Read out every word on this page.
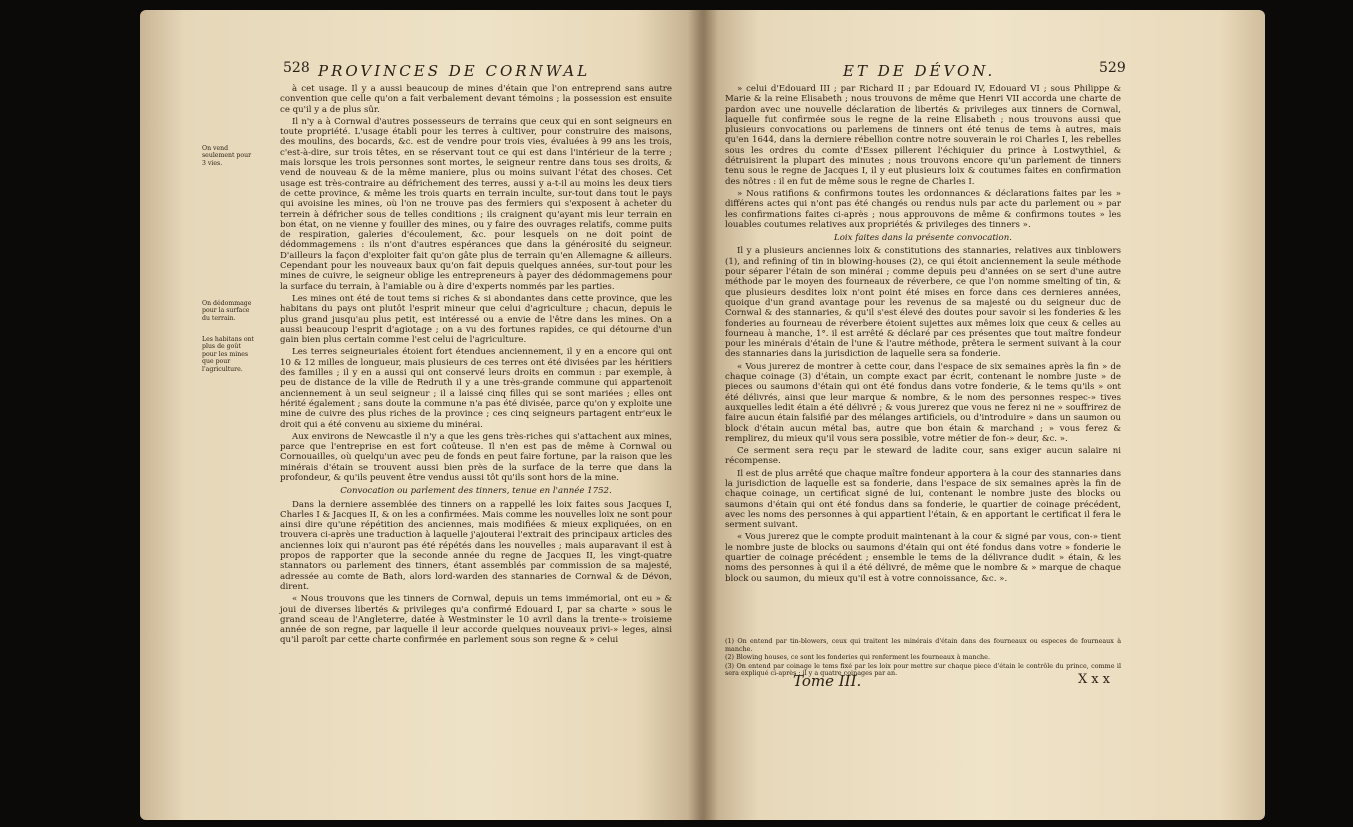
528 PROVINCES DE CORNWAL
On vend seulement pour 3 vies.
On dédommage pour la surface du terrain.
Les habitans ont plus de goût pour les mines que pour l'agriculture.

à cet usage. Il y a aussi beaucoup de mines d'étain que l'on entreprend sans autre convention que celle qu'on a fait verbalement devant témoins ; la possession est ensuite ce qu'il y a de plus sûr.

Il n'y a à Cornwal d'autres possesseurs de terrains que ceux qui en sont seigneurs en toute propriété. L'usage établi pour les terres à cultiver, pour construire des maisons, des moulins, des bocards, &c. est de vendre pour trois vies, évaluées à 99 ans les trois, c'est-à-dire, sur trois têtes, en se réservant tout ce qui est dans l'intérieur de la terre ; mais lorsque les trois personnes sont mortes, le seigneur rentre dans tous ses droits, & vend de nouveau & de la même maniere, plus ou moins suivant l'état des choses. Cet usage est très-contraire au défrichement des terres, aussi y a-t-il au moins les deux tiers de cette province, & même les trois quarts en terrain inculte, sur-tout dans tout le pays qui avoisine les mines, où l'on ne trouve pas des fermiers qui s'exposent à acheter du terrein à défricher sous de telles conditions ; ils craignent qu'ayant mis leur terrain en bon état, on ne vienne y fouiller des mines, ou y faire des ouvrages relatifs, comme puits de respiration, galeries d'écoulement, &c. pour lesquels on ne doit point de dédommagemens : ils n'ont d'autres espérances que dans la générosité du seigneur. D'ailleurs la façon d'exploiter fait qu'on gâte plus de terrain qu'en Allemagne & ailleurs. Cependant pour les nouveaux baux qu'on fait depuis quelques années, sur-tout pour les mines de cuivre, le seigneur oblige les entrepreneurs à payer des dédommagemens pour la surface du terrain, à l'amiable ou à dire d'experts nommés par les parties.

Les mines ont été de tout tems si riches & si abondantes dans cette province, que les habitans du pays ont plutôt l'esprit mineur que celui d'agriculture ; chacun, depuis le plus grand jusqu'au plus petit, est intéressé ou a envie de l'être dans les mines. On a aussi beaucoup l'esprit d'agiotage ; on a vu des fortunes rapides, ce qui détourne d'un gain bien plus certain comme l'est celui de l'agriculture.

Les terres seigneuriales étoient fort étendues anciennement, il y en a encore qui ont 10 & 12 milles de longueur, mais plusieurs de ces terres ont été divisées par les héritiers des familles ; il y en a aussi qui ont conservé leurs droits en commun : par exemple, à peu de distance de la ville de Redruth il y a une très-grande commune qui appartenoit anciennement à un seul seigneur ; il a laissé cinq filles qui se sont mariées ; elles ont hérité également ; sans doute la commune n'a pas été divisée, parce qu'on y exploite une mine de cuivre des plus riches de la province ; ces cinq seigneurs partagent entr'eux le droit qui a été convenu au sixieme du minérai.

Aux environs de Newcastle il n'y a que les gens très-riches qui s'attachent aux mines, parce que l'entreprise en est fort coûteuse. Il n'en est pas de même à Cornwal ou Cornouailles, où quelqu'un avec peu de fonds en peut faire fortune, par la raison que les minérais d'étain se trouvent aussi bien près de la surface de la terre que dans la profondeur, & qu'ils peuvent être vendus aussi tôt qu'ils sont hors de la mine.

Convocation ou parlement des tinners, tenue en l'année 1752.

Dans la derniere assemblée des tinners on a rappellé les loix faites sous Jacques I, Charles I & Jacques II, & on les a confirmées. Mais comme les nouvelles loix ne sont pour ainsi dire qu'une répétition des anciennes, mais modifiées & mieux expliquées, on en trouvera ci-après une traduction à laquelle j'ajouterai l'extrait des principaux articles des anciennes loix qui n'auront pas été répétés dans les nouvelles ; mais auparavant il est à propos de rapporter que la seconde année du regne de Jacques II, les vingt-quatre stannators ou parlement des tinners, étant assemblés par commission de sa majesté, adressée au comte de Bath, alors lord-warden des stannaries de Cornwal & de Dévon, dirent.

« Nous trouvons que les tinners de Cornwal, depuis un tems immémorial, ont eu » & joui de diverses libertés & privileges qu'a confirmé Edouard I, par sa charte » sous le grand sceau de l'Angleterre, datée à Westminster le 10 avril dans la trente-» troisieme année de son regne, par laquelle il leur accorde quelques nouveaux privi-» leges, ainsi qu'il paroît par cette charte confirmée en parlement sous son regne & » celui

ET DE DÉVON.	529

» celui d'Edouard III ; par Richard II ; par Edouard IV, Edouard VI ; sous Philippe & Marie & la reine Elisabeth ; nous trouvons de même que Henri VII accorda une charte de pardon avec une nouvelle déclaration de libertés & privileges aux tinners de Cornwal, laquelle fut confirmée sous le regne de la reine Elisabeth ; nous trouvons aussi que plusieurs convocations ou parlemens de tinners ont été tenus de tems à autres, mais qu'en 1644, dans la derniere rébellion contre notre souverain le roi Charles I, les rebelles sous les ordres du comte d'Essex pillerent l'échiquier du prince à Lostwythiel, & détruisirent la plupart des minutes ; nous trouvons encore qu'un parlement de tinners tenu sous le regne de Jacques I, il y eut plusieurs loix & coutumes faites en confirmation des nôtres : il en fut de même sous le regne de Charles I.

» Nous ratifions & confirmons toutes les ordonnances & déclarations faites par les » différens actes qui n'ont pas été changés ou rendus nuls par acte du parlement ou » par les confirmations faites ci-après ; nous approuvons de même & confirmons toutes » les louables coutumes relatives aux propriétés & privileges des tinners ».

Loix faites dans la présente convocation.

Il y a plusieurs anciennes loix & constitutions des stannaries, relatives aux tinblowers (1), and refining of tin in blowing-houses (2), ce qui étoit anciennement la seule méthode pour séparer l'étain de son minérai ; comme depuis peu d'années on se sert d'une autre méthode par le moyen des fourneaux de réverbere, ce que l'on nomme smelting of tin, & que plusieurs desdites loix n'ont point été mises en force dans ces dernieres années, quoique d'un grand avantage pour les revenus de sa majesté ou du seigneur duc de Cornwal & des stannaries, & qu'il s'est élevé des doutes pour savoir si les fonderies & les fonderies au fourneau de réverbere étoient sujettes aux mêmes loix que ceux & celles au fourneau à manche, 1°. il est arrêté & déclaré par ces présentes que tout maître fondeur pour les minérais d'étain de l'une & l'autre méthode, prêtera le serment suivant à la cour des stannaries dans la jurisdiction de laquelle sera sa fonderie.

« Vous jurerez de montrer à cette cour, dans l'espace de six semaines après la fin » de chaque coinage (3) d'étain, un compte exact par écrit, contenant le nombre juste » de pieces ou saumons d'étain qui ont été fondus dans votre fonderie, & le tems qu'ils » ont été délivrés, ainsi que leur marque & nombre, & le nom des personnes respec-» tives auxquelles ledit étain a été délivré ; & vous jurerez que vous ne ferez ni ne » souffrirez de faire aucun étain falsifié par des mélanges artificiels, ou d'introduire » dans un saumon ou block d'étain aucun métal bas, autre que bon étain & marchand ; » vous ferez & remplirez, du mieux qu'il vous sera possible, votre métier de fon-» deur, &c. ».

Ce serment sera reçu par le steward de ladite cour, sans exiger aucun salaire ni récompense.

Il est de plus arrêté que chaque maître fondeur apportera à la cour des stannaries dans la jurisdiction de laquelle est sa fonderie, dans l'espace de six semaines après la fin de chaque coinage, un certificat signé de lui, contenant le nombre juste des blocks ou saumons d'étain qui ont été fondus dans sa fonderie, le quartier de coinage précédent, avec les noms des personnes à qui appartient l'étain, & en apportant le certificat il fera le serment suivant.

« Vous jurerez que le compte produit maintenant à la cour & signé par vous, con-» tient le nombre juste de blocks ou saumons d'étain qui ont été fondus dans votre » fonderie le quartier de coinage précédent ; ensemble le tems de la délivrance dudit » étain, & les noms des personnes à qui il a été délivré, de même que le nombre & » marque de chaque block ou saumon, du mieux qu'il est à votre connoissance, &c. ».

(1) On entend par tin-blowers, ceux qui traitent les minérais d'étain dans des fourneaux ou especes de fourneaux à manche.

(2) Blowing houses, ce sont les fonderies qui renferment les fourneaux à manche.

(3) On entend par coinage le tems fixé par les loix pour mettre sur chaque piece d'étain le contrôle du prince, comme il sera expliqué ci-après ; il y a quatre coinages par an.

Tome III.	Xxx
